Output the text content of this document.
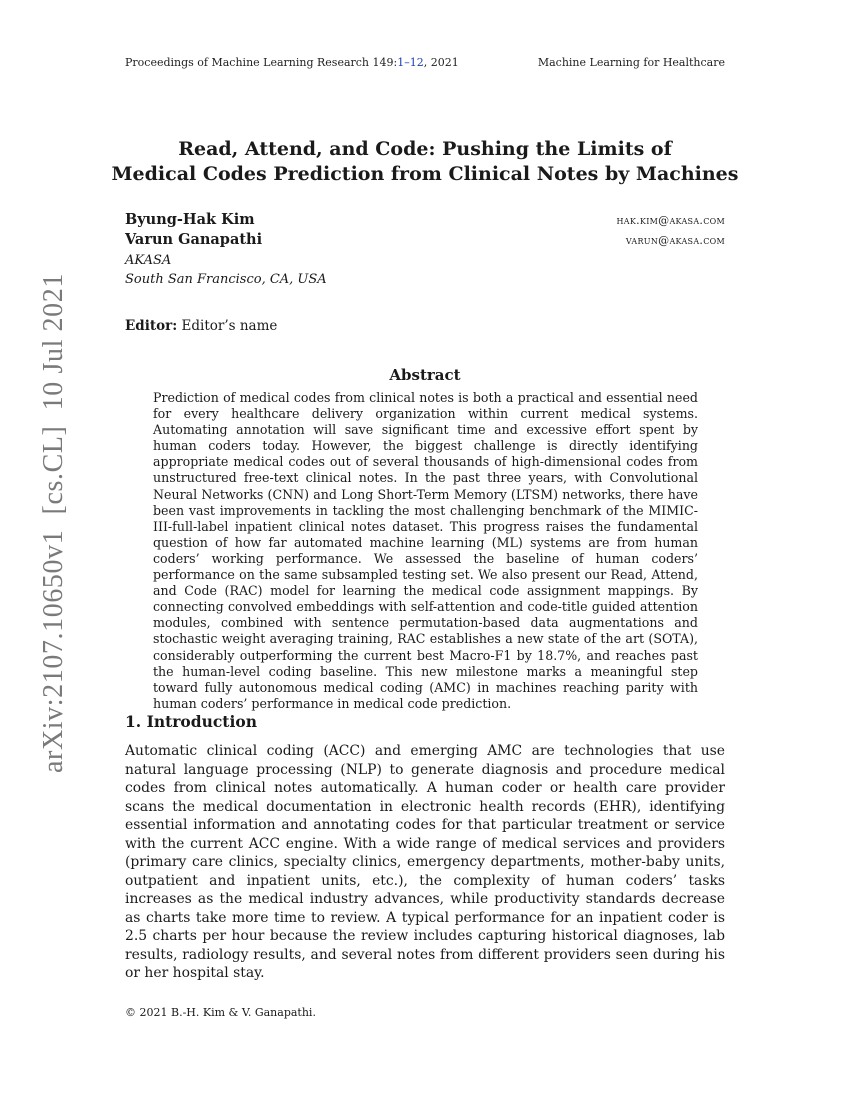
Proceedings of Machine Learning Research 149:1–12, 2021	Machine Learning for Healthcare
Read, Attend, and Code: Pushing the Limits of
Medical Codes Prediction from Clinical Notes by Machines
Byung-Hak Kim	hak.kim@akasa.com
Varun Ganapathi	varun@akasa.com
AKASA
South San Francisco, CA, USA
Editor: Editor’s name
Abstract

Prediction of medical codes from clinical notes is both a practical and essential need for every healthcare delivery organization within current medical systems. Automating annotation will save significant time and excessive effort spent by human coders today. However, the biggest challenge is directly identifying appropriate medical codes out of several thousands of high-dimensional codes from unstructured free-text clinical notes. In the past three years, with Convolutional Neural Networks (CNN) and Long Short-Term Memory (LTSM) networks, there have been vast improvements in tackling the most challenging benchmark of the MIMIC-III-full-label inpatient clinical notes dataset. This progress raises the fundamental question of how far automated machine learning (ML) systems are from human coders’ working performance. We assessed the baseline of human coders’ performance on the same subsampled testing set. We also present our Read, Attend, and Code (RAC) model for learning the medical code assignment mappings. By connecting convolved embeddings with self-attention and code-title guided attention modules, combined with sentence permutation-based data augmentations and stochastic weight averaging training, RAC establishes a new state of the art (SOTA), considerably outperforming the current best Macro-F1 by 18.7%, and reaches past the human-level coding baseline. This new milestone marks a meaningful step toward fully autonomous medical coding (AMC) in machines reaching parity with human coders’ performance in medical code prediction.

1. Introduction

Automatic clinical coding (ACC) and emerging AMC are technologies that use natural language processing (NLP) to generate diagnosis and procedure medical codes from clinical notes automatically. A human coder or health care provider scans the medical documentation in electronic health records (EHR), identifying essential information and annotating codes for that particular treatment or service with the current ACC engine. With a wide range of medical services and providers (primary care clinics, specialty clinics, emergency departments, mother-baby units, outpatient and inpatient units, etc.), the complexity of human coders’ tasks increases as the medical industry advances, while productivity standards decrease as charts take more time to review. A typical performance for an inpatient coder is 2.5 charts per hour because the review includes capturing historical diagnoses, lab results, radiology results, and several notes from different providers seen during his or her hospital stay.

© 2021 B.-H. Kim & V. Ganapathi.
arXiv:2107.10650v1  [cs.CL]  10 Jul 2021
